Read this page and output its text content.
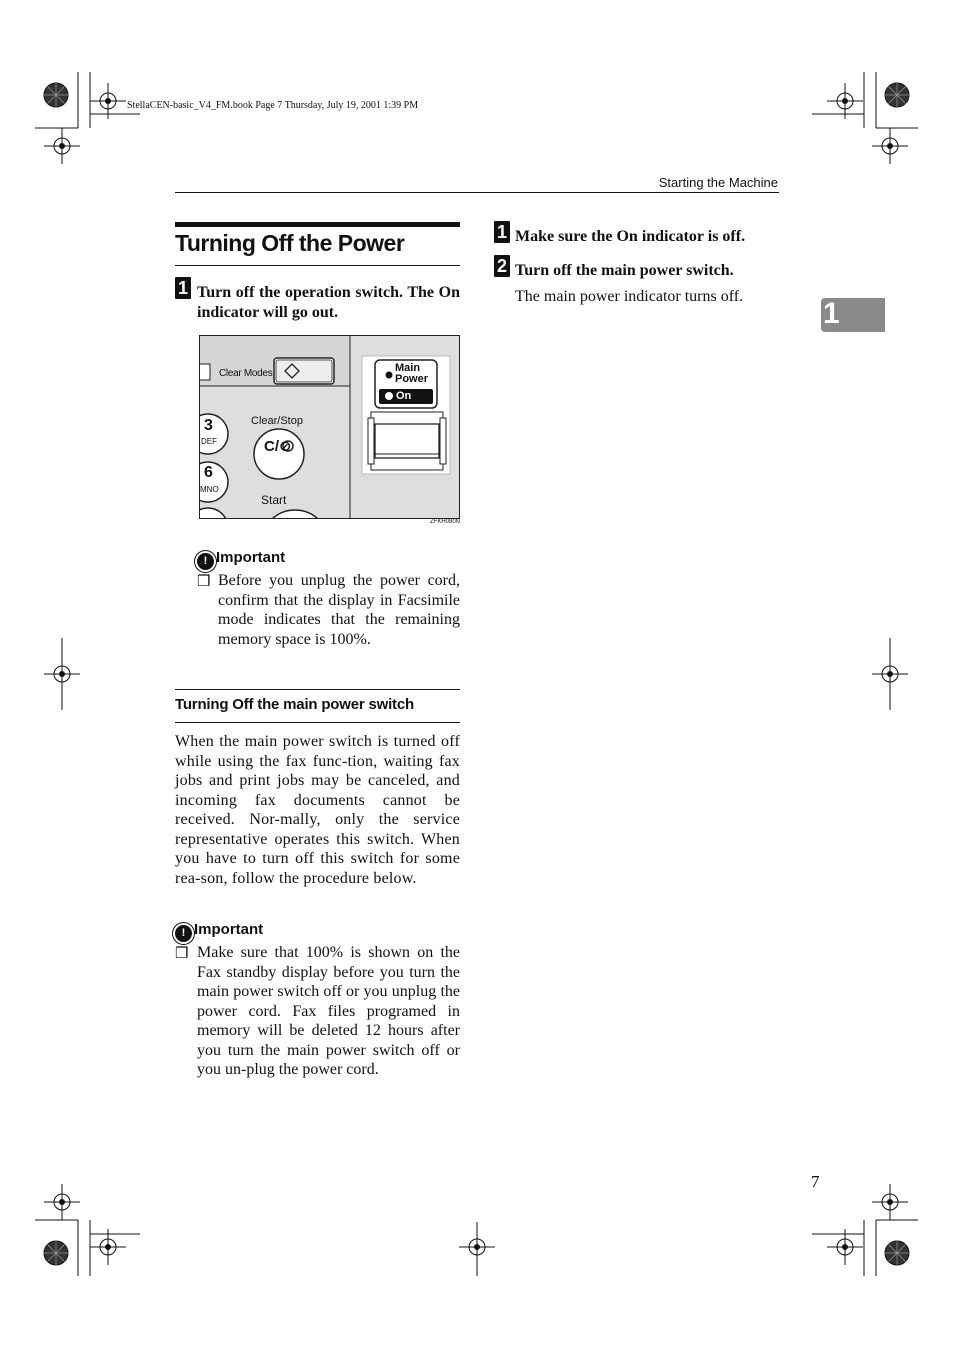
StellaCEN-basic_V4_FM.book Page 7 Thursday, July 19, 2001 1:39 PM
Starting the Machine
1
Turning Off the Power
1 Turn off the operation switch. The On indicator will go out.
Clear Modes
Clear/Stop
C/⊘
3
DEF
6
MNO
Start
Main
Power
On
ZFKH080N
! Important
❒ Before you unplug the power cord, confirm that the display in Facsimile mode indicates that the remaining memory space is 100%.
Turning Off the main power switch
When the main power switch is turned off while using the fax func-tion, waiting fax jobs and print jobs may be canceled, and incoming fax documents cannot be received. Nor-mally, only the service representative operates this switch. When you have to turn off this switch for some rea-son, follow the procedure below.
! Important
❒ Make sure that 100% is shown on the Fax standby display before you turn the main power switch off or you unplug the power cord. Fax files programed in memory will be deleted 12 hours after you turn the main power switch off or you un-plug the power cord.
1 Make sure the On indicator is off.
2 Turn off the main power switch.
The main power indicator turns off.
7
